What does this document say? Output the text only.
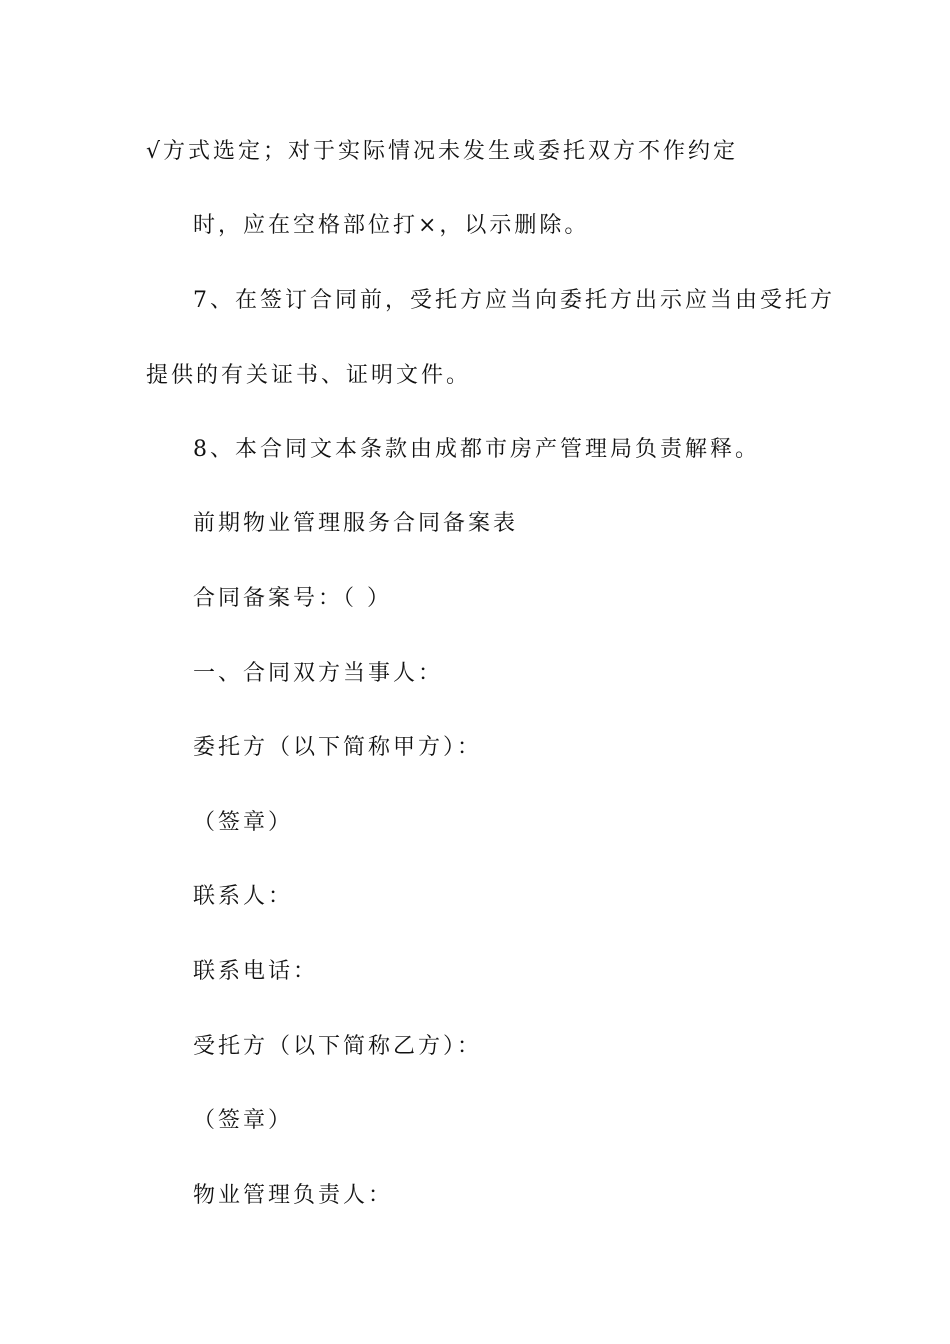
√方式选定；对于实际情况未发生或委托双方不作约定
时，应在空格部位打×，以示删除。
7、在签订合同前，受托方应当向委托方出示应当由受托方
提供的有关证书、证明文件。
8、本合同文本条款由成都市房产管理局负责解释。
前期物业管理服务合同备案表
合同备案号：（ ）
一、合同双方当事人：
委托方（以下简称甲方）：
（签章）
联系人：
联系电话：
受托方（以下简称乙方）：
（签章）
物业管理负责人：
